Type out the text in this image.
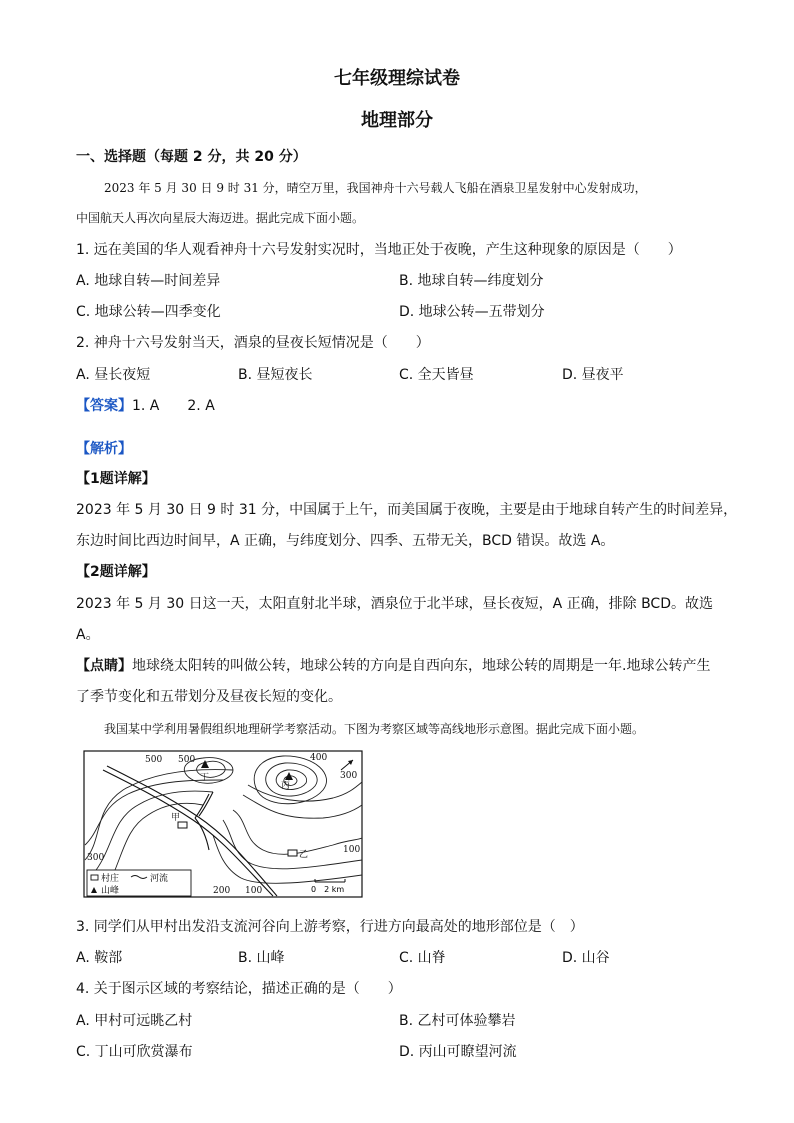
七年级理综试卷
地理部分
一、选择题（每题 2 分，共 20 分）
2023 年 5 月 30 日 9 时 31 分，晴空万里，我国神舟十六号载人飞船在酒泉卫星发射中心发射成功，
中国航天人再次向星辰大海迈进。据此完成下面小题。
1. 远在美国的华人观看神舟十六号发射实况时，当地正处于夜晚，产生这种现象的原因是（　　）
A. 地球自转—时间差异	B. 地球自转—纬度划分
C. 地球公转—四季变化	D. 地球公转—五带划分
2. 神舟十六号发射当天，酒泉的昼夜长短情况是（　　）
A. 昼长夜短	B. 昼短夜长	C. 全天皆昼	D. 昼夜平
【答案】1. A　　2. A
【解析】
【1题详解】
2023 年 5 月 30 日 9 时 31 分，中国属于上午，而美国属于夜晚，主要是由于地球自转产生的时间差异，
东边时间比西边时间早，A 正确，与纬度划分、四季、五带无关，BCD 错误。故选 A。
【2题详解】
2023 年 5 月 30 日这一天，太阳直射北半球，酒泉位于北半球，昼长夜短，A 正确，排除 BCD。故选
A。
【点睛】地球绕太阳转的叫做公转，地球公转的方向是自西向东，地球公转的周期是一年.地球公转产生
了季节变化和五带划分及昼夜长短的变化。
我国某中学利用暑假组织地理研学考察活动。下图为考察区域等高线地形示意图。据此完成下面小题。
500 500	400
300
300
100
200 100
丁
丙
甲
乙
村庄	河流
山峰	0　2 km
3. 同学们从甲村出发沿支流河谷向上游考察，行进方向最高处的地形部位是（　）
A. 鞍部	B. 山峰	C. 山脊	D. 山谷
4. 关于图示区域的考察结论，描述正确的是（　　）
A. 甲村可远眺乙村	B. 乙村可体验攀岩
C. 丁山可欣赏瀑布	D. 丙山可瞭望河流
